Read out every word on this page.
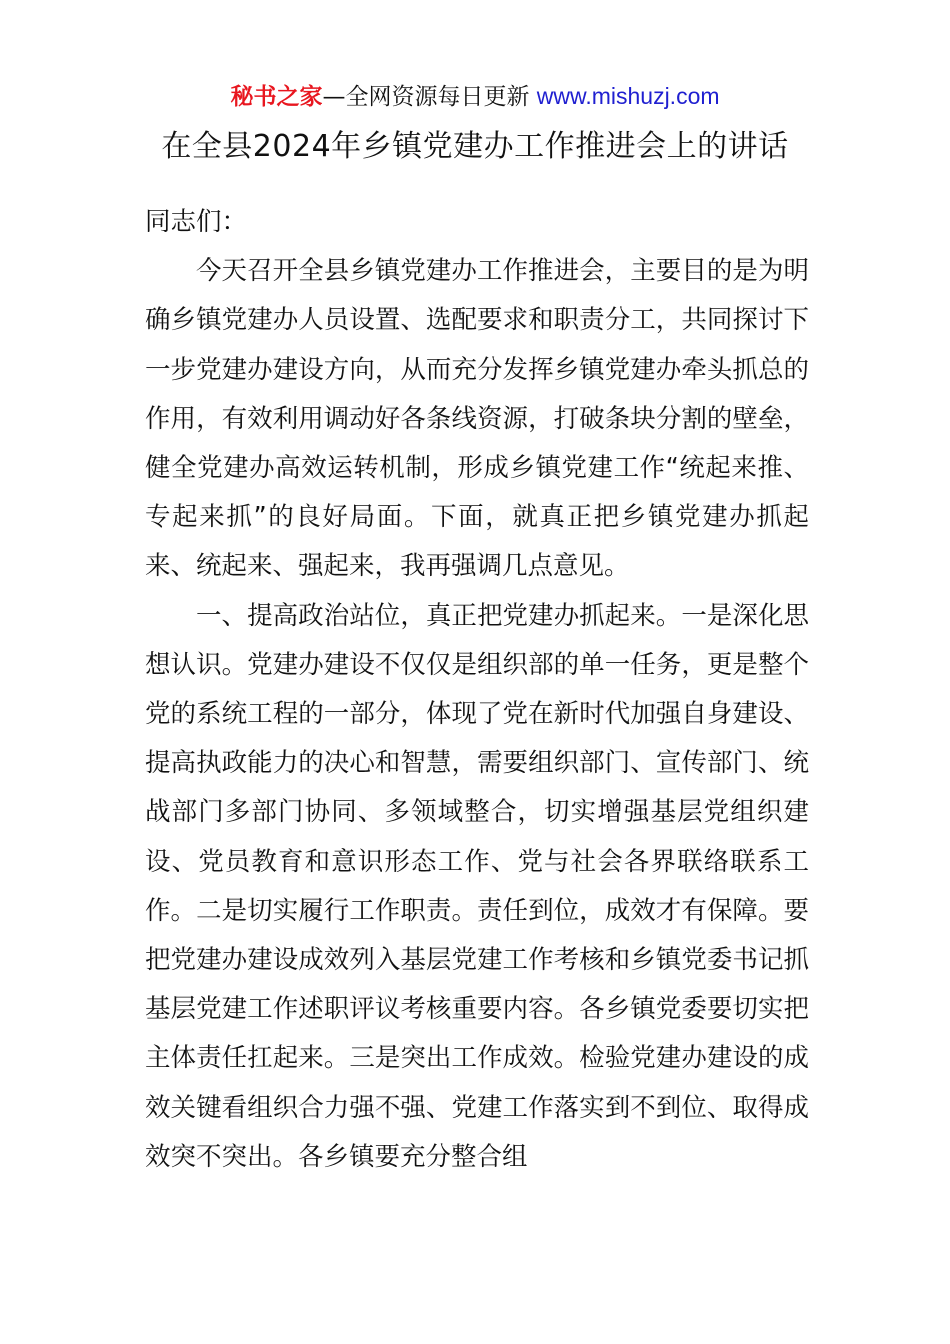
秘书之家—全网资源每日更新 www.mishuzj.com
在全县2024年乡镇党建办工作推进会上的讲话

同志们：

今天召开全县乡镇党建办工作推进会，主要目的是为明确乡镇党建办人员设置、选配要求和职责分工，共同探讨下一步党建办建设方向，从而充分发挥乡镇党建办牵头抓总的作用，有效利用调动好各条线资源，打破条块分割的壁垒，健全党建办高效运转机制，形成乡镇党建工作“统起来推、专起来抓”的良好局面。下面，就真正把乡镇党建办抓起来、统起来、强起来，我再强调几点意见。

一、提高政治站位，真正把党建办抓起来。一是深化思想认识。党建办建设不仅仅是组织部的单一任务，更是整个党的系统工程的一部分，体现了党在新时代加强自身建设、提高执政能力的决心和智慧，需要组织部门、宣传部门、统战部门多部门协同、多领域整合，切实增强基层党组织建设、党员教育和意识形态工作、党与社会各界联络联系工作。二是切实履行工作职责。责任到位，成效才有保障。要把党建办建设成效列入基层党建工作考核和乡镇党委书记抓基层党建工作述职评议考核重要内容。各乡镇党委要切实把主体责任扛起来。三是突出工作成效。检验党建办建设的成效关键看组织合力强不强、党建工作落实到不到位、取得成效突不突出。各乡镇要充分整合组
